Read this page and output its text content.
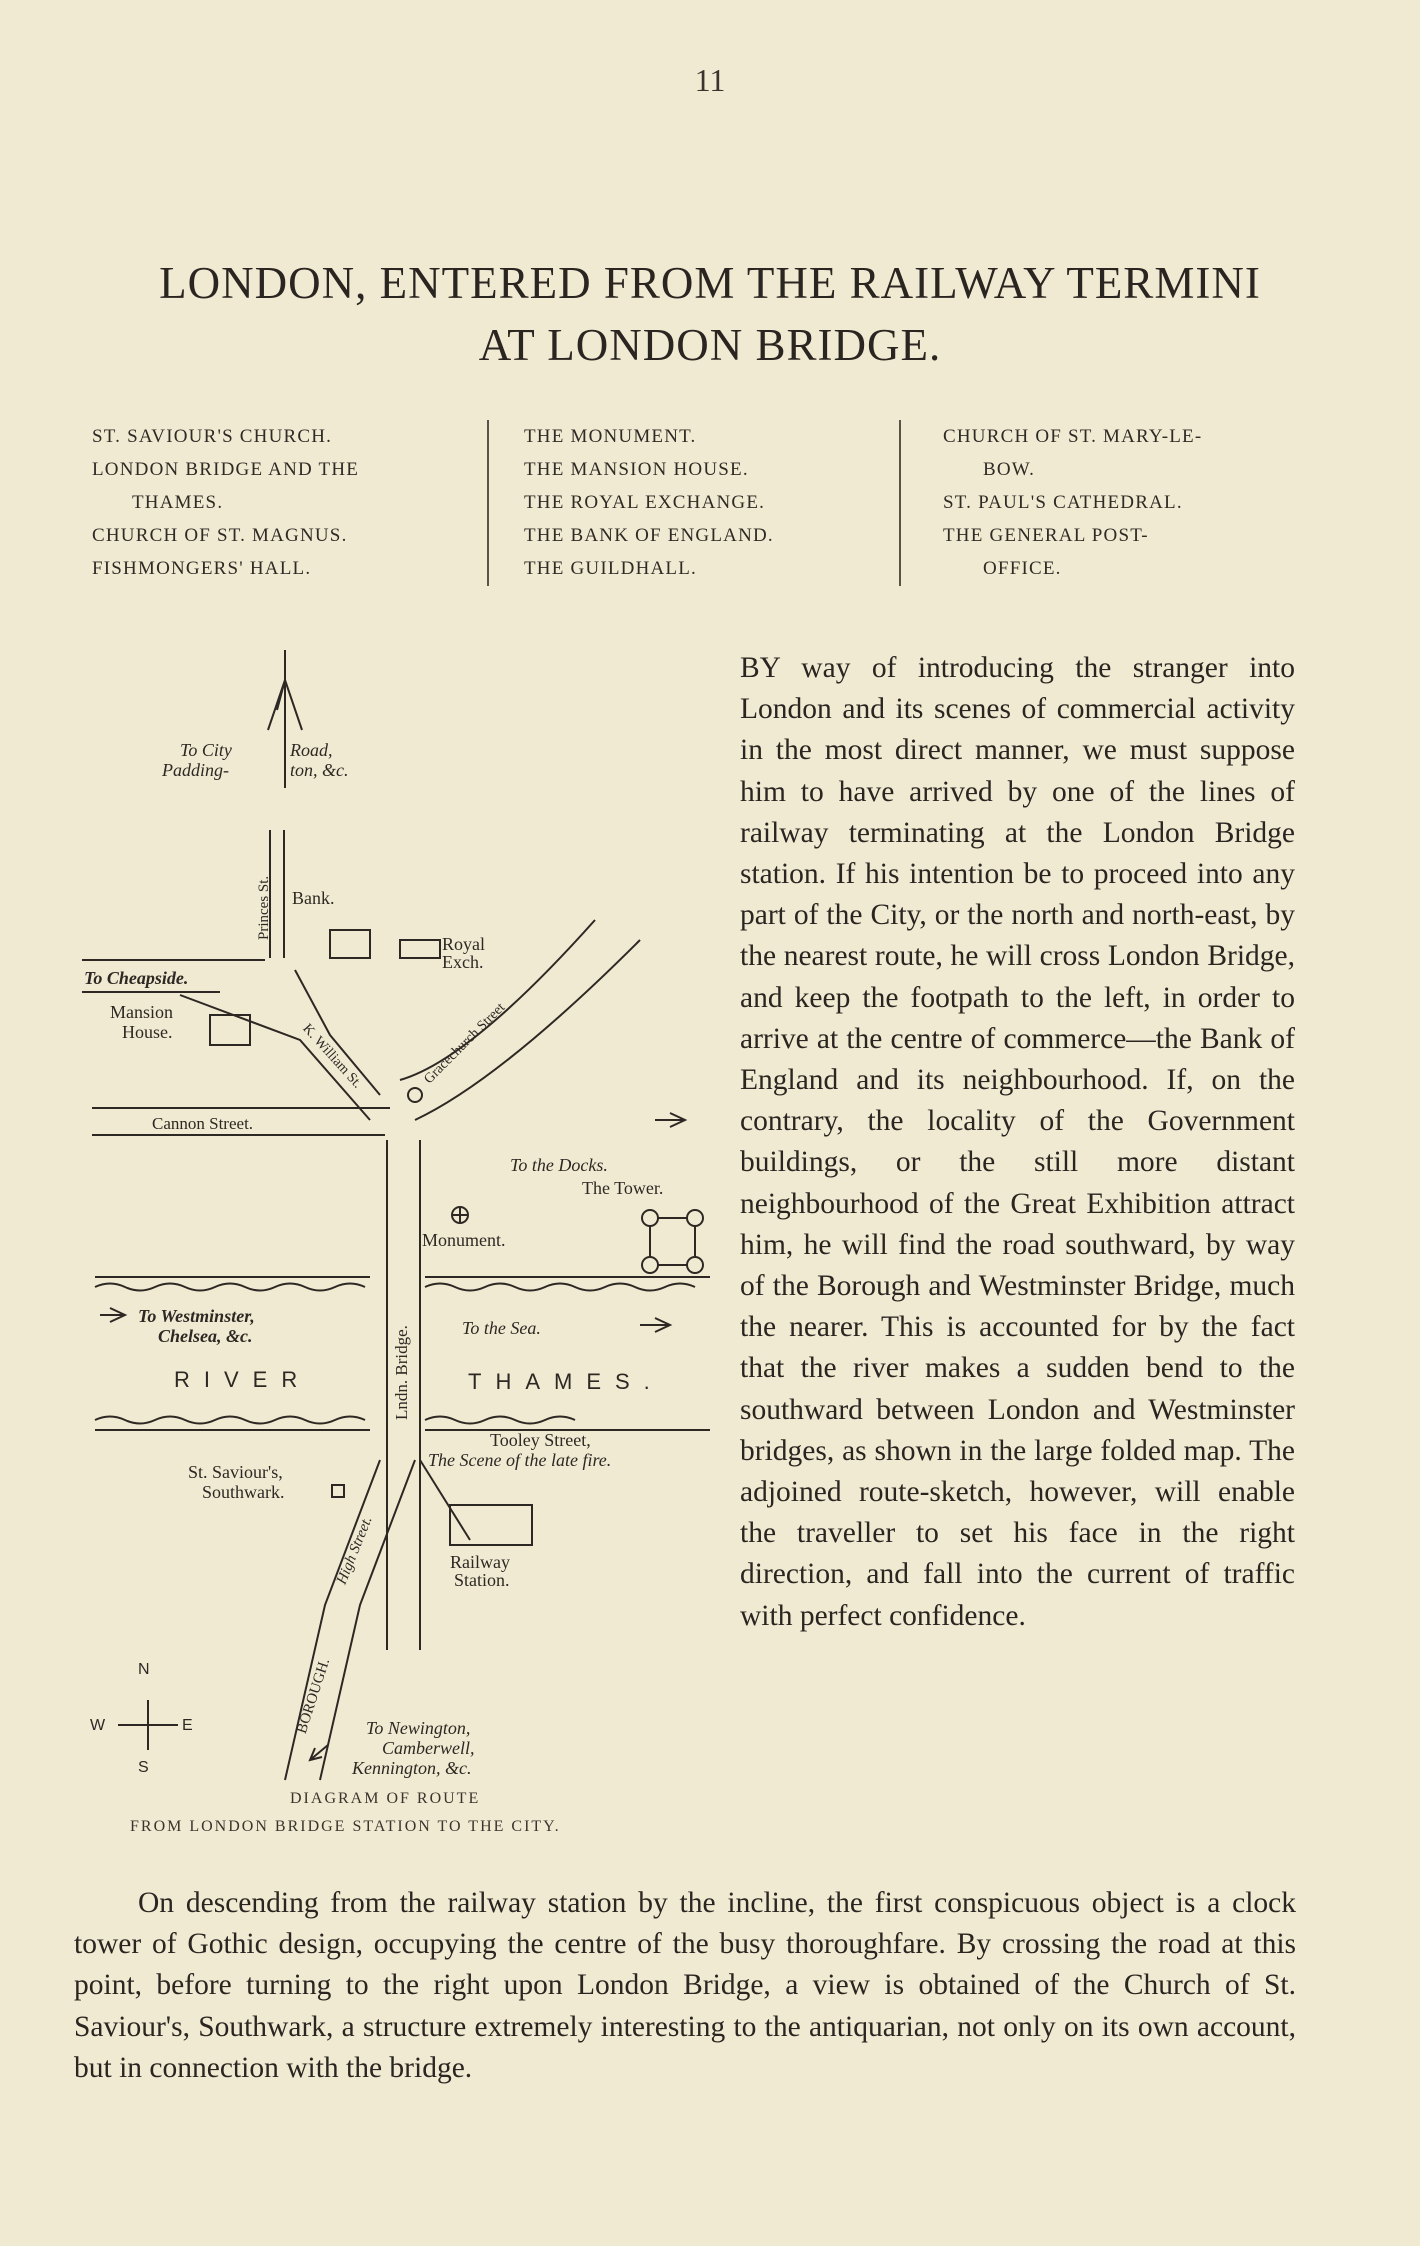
11
LONDON, ENTERED FROM THE RAILWAY TERMINI
AT LONDON BRIDGE.
ST. SAVIOUR'S CHURCH.
LONDON BRIDGE AND THE
THAMES.
CHURCH OF ST. MAGNUS.
FISHMONGERS' HALL.
THE MONUMENT.
THE MANSION HOUSE.
THE ROYAL EXCHANGE.
THE BANK OF ENGLAND.
THE GUILDHALL.
CHURCH OF ST. MARY-LE-
BOW.
ST. PAUL'S CATHEDRAL.
THE GENERAL POST-
OFFICE.
To City
Padding-
Road,
ton, &c.
Princes St. Bank.
Royal
Exch.
To Cheapside.
Mansion
House.	K. William St.	Gracechurch Street
Cannon Street.
To the Docks.
The Tower.
Monument.
To Westminster,
Chelsea, &c.
RIVER	Lndn. Bridge.	To the Sea.
THAMES.
Tooley Street,
The Scene of the late fire.
St. Saviour's,
Southwark.
Railway
Station.
High Street.
BOROUGH.
N
W	E
S
To Newington,
Camberwell,
Kennington, &c.
DIAGRAM OF ROUTE
FROM LONDON BRIDGE STATION TO THE CITY.

BY way of introducing the stranger into London and its scenes of commercial activity in the most direct manner, we must suppose him to have arrived by one of the lines of railway terminating at the London Bridge station. If his intention be to proceed into any part of the City, or the north and north-east, by the nearest route, he will cross London Bridge, and keep the footpath to the left, in order to arrive at the centre of commerce—the Bank of England and its neighbourhood. If, on the contrary, the locality of the Government buildings, or the still more distant neighbourhood of the Great Exhibition attract him, he will find the road southward, by way of the Borough and Westminster Bridge, much the nearer. This is accounted for by the fact that the river makes a sudden bend to the southward between London and Westminster bridges, as shown in the large folded map. The adjoined route-sketch, however, will enable the traveller to set his face in the right direction, and fall into the current of traffic with perfect confidence.

On descending from the railway station by the incline, the first conspicuous object is a clock tower of Gothic design, occupying the centre of the busy thoroughfare. By crossing the road at this point, before turning to the right upon London Bridge, a view is obtained of the Church of St. Saviour's, Southwark, a structure extremely interesting to the antiquarian, not only on its own account, but in connection with the bridge.
